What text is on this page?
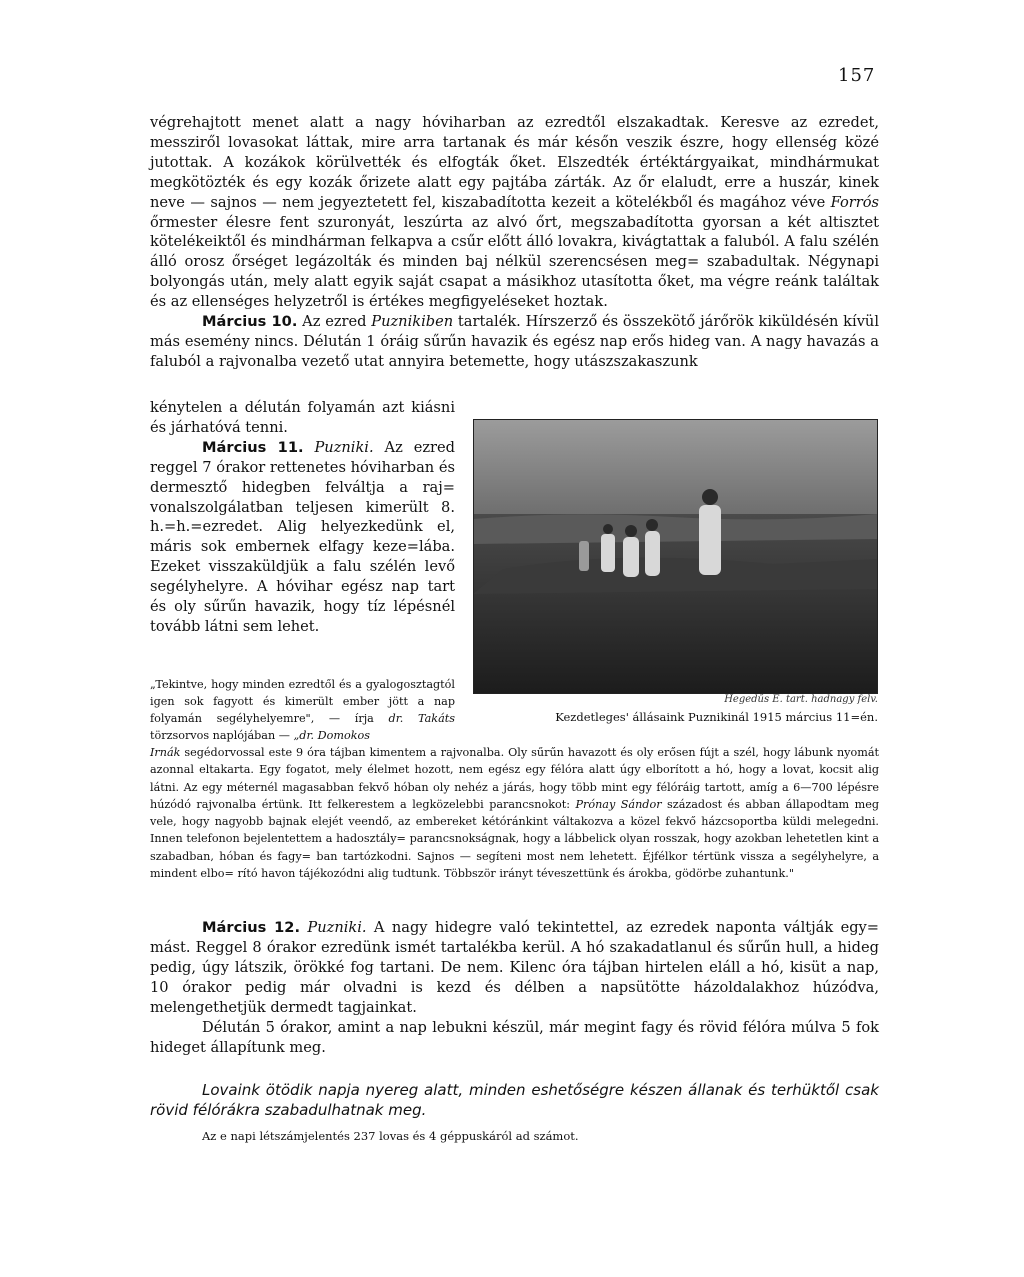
157

végrehajtott menet alatt a nagy hóviharban az ezredtől elszakadtak. Keresve az ezredet, messziről lovasokat láttak, mire arra tartanak és már későn veszik észre, hogy ellenség közé jutottak. A kozákok körülvették és elfogták őket. Elszedték értéktárgyaikat, mindhármukat megkötözték és egy kozák őrizete alatt egy pajtába zárták. Az őr elaludt, erre a huszár, kinek neve — sajnos — nem jegyeztetett fel, kiszabadította kezeit a kötelékből és magához véve Forrós őrmester élesre fent szuronyát, leszúrta az alvó őrt, megszabadította gyorsan a két altisztet kötelékeiktől és mindhárman felkapva a csűr előtt álló lovakra, kivágtattak a faluból. A falu szélén álló orosz őrséget legázolták és minden baj nélkül szerencsésen meg= szabadultak. Négynapi bolyongás után, mely alatt egyik saját csapat a másikhoz utasította őket, ma végre reánk találtak és az ellenséges helyzetről is értékes megfigyeléseket hoztak.

Március 10. Az ezred Puznikiben tartalék. Hírszerző és összekötő járőrök kiküldésén kívül más esemény nincs. Délután 1 óráig sűrűn havazik és egész nap erős hideg van. A nagy havazás a faluból a rajvonalba vezető utat annyira betemette, hogy utászszakaszunk

kénytelen a délután folyamán azt kiásni és járhatóvá tenni.
Március 11. Puzniki. Az ezred reggel 7 órakor rettenetes hóviharban és dermesztő hidegben felváltja a raj= vonalszolgálatban teljesen kimerült 8. h.=h.=ezredet. Alig helyezkedünk el, máris sok embernek elfagy keze=lába. Ezeket visszaküldjük a falu szélén levő segélyhelyre. A hóvihar egész nap tart és oly sűrűn havazik, hogy tíz lépésnél tovább látni sem lehet.
Hegedűs E. tart. hadnagy felv.
Kezdetleges' állásaink Puznikinál 1915 március 11=én.
„Tekintve, hogy minden ezredtől és a gyalogosztagtól igen sok fagyott és kimerült ember jött a nap folyamán segélyhelyemre", — írja dr. Takáts törzsorvos naplójában — „dr. Domokos
Irnák segédorvossal este 9 óra tájban kimentem a rajvonalba. Oly sűrűn havazott és oly erősen fújt a szél, hogy lábunk nyomát azonnal eltakarta. Egy fogatot, mely élelmet hozott, nem egész egy félóra alatt úgy elborított a hó, hogy a lovat, kocsit alig látni. Az egy méternél magasabban fekvő hóban oly nehéz a járás, hogy több mint egy félóráig tartott, amíg a 6—700 lépésre húzódó rajvonalba értünk. Itt felkerestem a legközelebbi parancsnokot: Prónay Sándor századost és abban állapodtam meg vele, hogy nagyobb bajnak elejét veendő, az embereket kétóránkint váltakozva a közel fekvő házcsoportba küldi melegedni. Innen telefonon bejelentettem a hadosztály= parancsnokságnak, hogy a lábbelick olyan rosszak, hogy azokban lehetetlen kint a szabadban, hóban és fagy= ban tartózkodni. Sajnos — segíteni most nem lehetett. Éjfélkor tértünk vissza a segélyhelyre, a mindent elbo= rító havon tájékozódni alig tudtunk. Többször irányt téveszettünk és árokba, gödörbe zuhantunk."

Március 12. Puzniki. A nagy hidegre való tekintettel, az ezredek naponta váltják egy= mást. Reggel 8 órakor ezredünk ismét tartalékba kerül. A hó szakadatlanul és sűrűn hull, a hideg pedig, úgy látszik, örökké fog tartani. De nem. Kilenc óra tájban hirtelen eláll a hó, kisüt a nap, 10 órakor pedig már olvadni is kezd és délben a napsütötte házoldalakhoz húzódva, melengethetjük dermedt tagjainkat.

Délután 5 órakor, amint a nap lebukni készül, már megint fagy és rövid félóra múlva 5 fok hideget állapítunk meg.

Lovaink ötödik napja nyereg alatt, minden eshetőségre készen állanak és terhüktől csak rövid félórákra szabadulhatnak meg.
Az e napi létszámjelentés 237 lovas és 4 géppuskáról ad számot.
